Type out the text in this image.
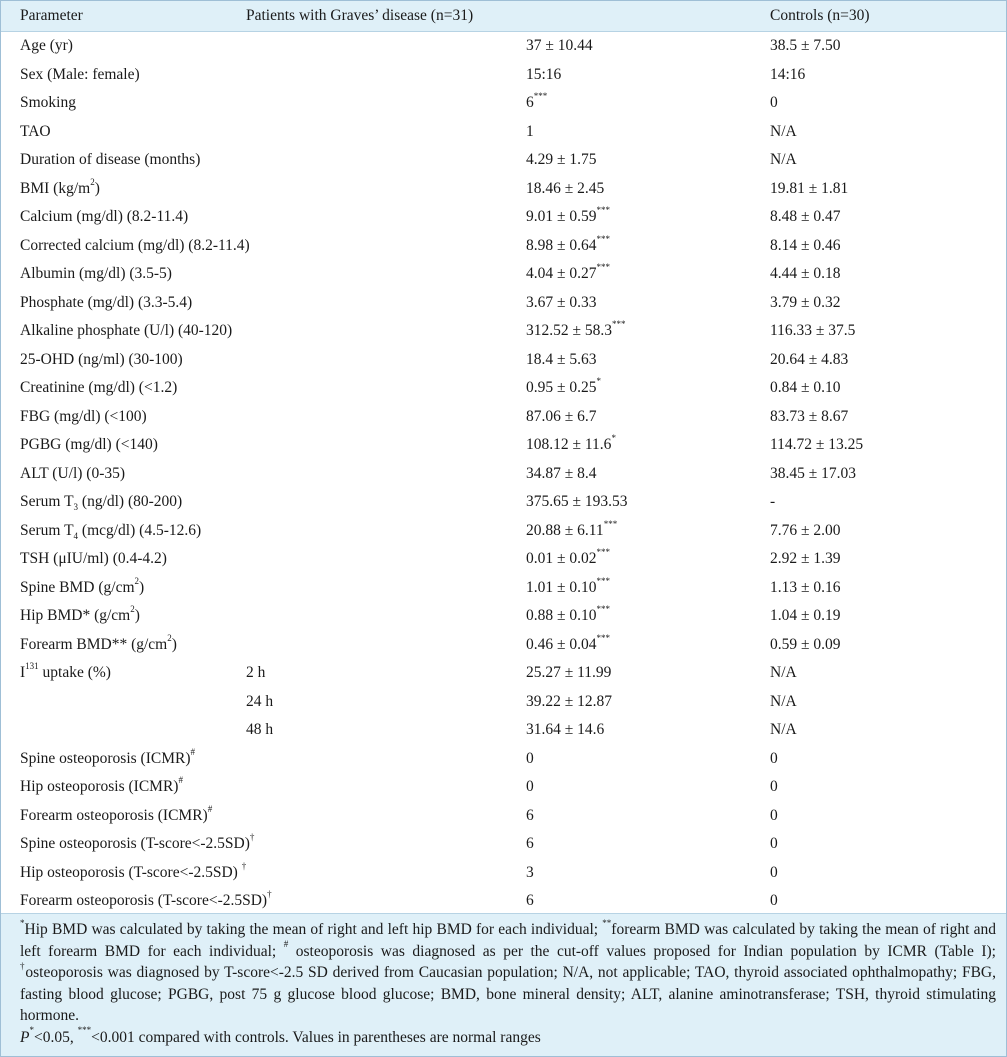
Parameter	Patients with Graves’ disease (n=31)		Controls (n=30)
Age (yr)		37 ± 10.44	38.5 ± 7.50
Sex (Male: female)		15:16	14:16
Smoking		6***	0
TAO		1	N/A
Duration of disease (months)		4.29 ± 1.75	N/A
BMI $(kg/m^2)$		18.46 ± 2.45	19.81 ± 1.81
Calcium (mg/dl) (8.2-11.4)		9.01 ± 0.59***	8.48 ± 0.47
Corrected calcium (mg/dl) (8.2-11.4)		8.98 ± 0.64***	8.14 ± 0.46
Albumin (mg/dl) (3.5-5)		4.04 ± 0.27***	4.44 ± 0.18
Phosphate (mg/dl) (3.3-5.4)		3.67 ± 0.33	3.79 ± 0.32
Alkaline phosphate (U/l) (40-120)		312.52 ± 58.3***	116.33 ± 37.5
25-OHD (ng/ml) (30-100)		18.4 ± 5.63	20.64 ± 4.83
Creatinine (mg/dl) (<1.2)		0.95 ± 0.25*	0.84 ± 0.10
FBG (mg/dl) (<100)		87.06 ± 6.7	83.73 ± 8.67
PGBG (mg/dl) (<140)		108.12 ± 11.6*	114.72 ± 13.25
ALT (U/l) (0-35)		34.87 ± 8.4	38.45 ± 17.03
Serum $T_3$ (ng/dl) (80-200)		375.65 ± 193.53	-
Serum $T_4$ (mcg/dl) (4.5-12.6)		20.88 ± 6.11***	7.76 ± 2.00
TSH (μIU/ml) (0.4-4.2)		0.01 ± 0.02***	2.92 ± 1.39
Spine BMD $(g/cm^2)$		1.01 ± 0.10***	1.13 ± 0.16
Hip BMD* $(g/cm^2)$		0.88 ± 0.10***	1.04 ± 0.19
Forearm BMD** $(g/cm^2)$		0.46 ± 0.04***	0.59 ± 0.09
$I^{131}$ uptake (%)	2 h	25.27 ± 11.99	N/A
	24 h	39.22 ± 12.87	N/A
	48 h	31.64 ± 14.6	N/A
Spine osteoporosis (ICMR)#		0	0
Hip osteoporosis (ICMR)#		0	0
Forearm osteoporosis (ICMR)#		6	0
Spine osteoporosis (T-score<-2.5SD)†		6	0
Hip osteoporosis (T-score<-2.5SD) †		3	0
Forearm osteoporosis (T-score<-2.5SD)†		6	0

*Hip BMD was calculated by taking the mean of right and left hip BMD for each individual; **forearm BMD was calculated by taking the mean of right and left forearm BMD for each individual; # osteoporosis was diagnosed as per the cut-off values proposed for Indian population by ICMR (Table I); †osteoporosis was diagnosed by T-score<-2.5 SD derived from Caucasian population; N/A, not applicable; TAO, thyroid associated ophthalmopathy; FBG, fasting blood glucose; PGBG, post 75 g glucose blood glucose; BMD, bone mineral density; ALT, alanine aminotransferase; TSH, thyroid stimulating hormone.

P*<0.05, ***<0.001 compared with controls. Values in parentheses are normal ranges
